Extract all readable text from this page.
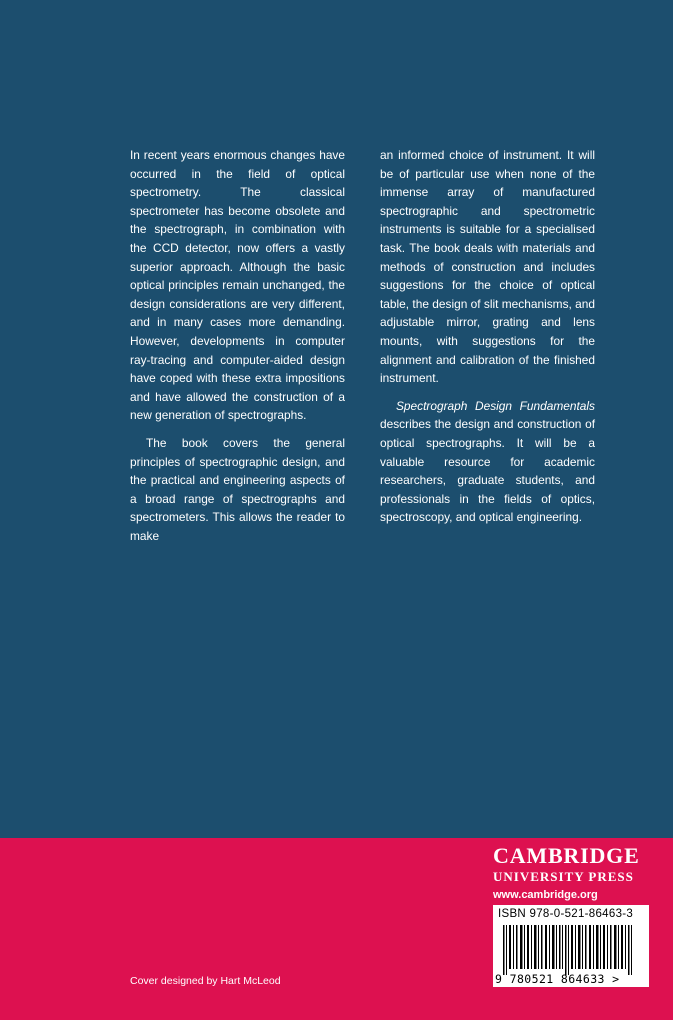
In recent years enormous changes have occurred in the field of optical spectrometry. The classical spectrometer has become obsolete and the spectrograph, in combination with the CCD detector, now offers a vastly superior approach. Although the basic optical principles remain unchanged, the design considerations are very different, and in many cases more demanding. However, developments in computer ray-tracing and computer-aided design have coped with these extra impositions and have allowed the construction of a new generation of spectrographs.

The book covers the general principles of spectrographic design, and the practical and engineering aspects of a broad range of spectrographs and spectrometers. This allows the reader to make

an informed choice of instrument. It will be of particular use when none of the immense array of manufactured spectrographic and spectrometric instruments is suitable for a specialised task. The book deals with materials and methods of construction and includes suggestions for the choice of optical table, the design of slit mechanisms, and adjustable mirror, grating and lens mounts, with suggestions for the alignment and calibration of the finished instrument.

Spectrograph Design Fundamentals describes the design and construction of optical spectrographs. It will be a valuable resource for academic researchers, graduate students, and professionals in the fields of optics, spectroscopy, and optical engineering.

Cover designed by Hart McLeod
CAMBRIDGE
UNIVERSITY PRESS
www.cambridge.org
ISBN 978-0-521-86463-3
9 780521 864633 >
